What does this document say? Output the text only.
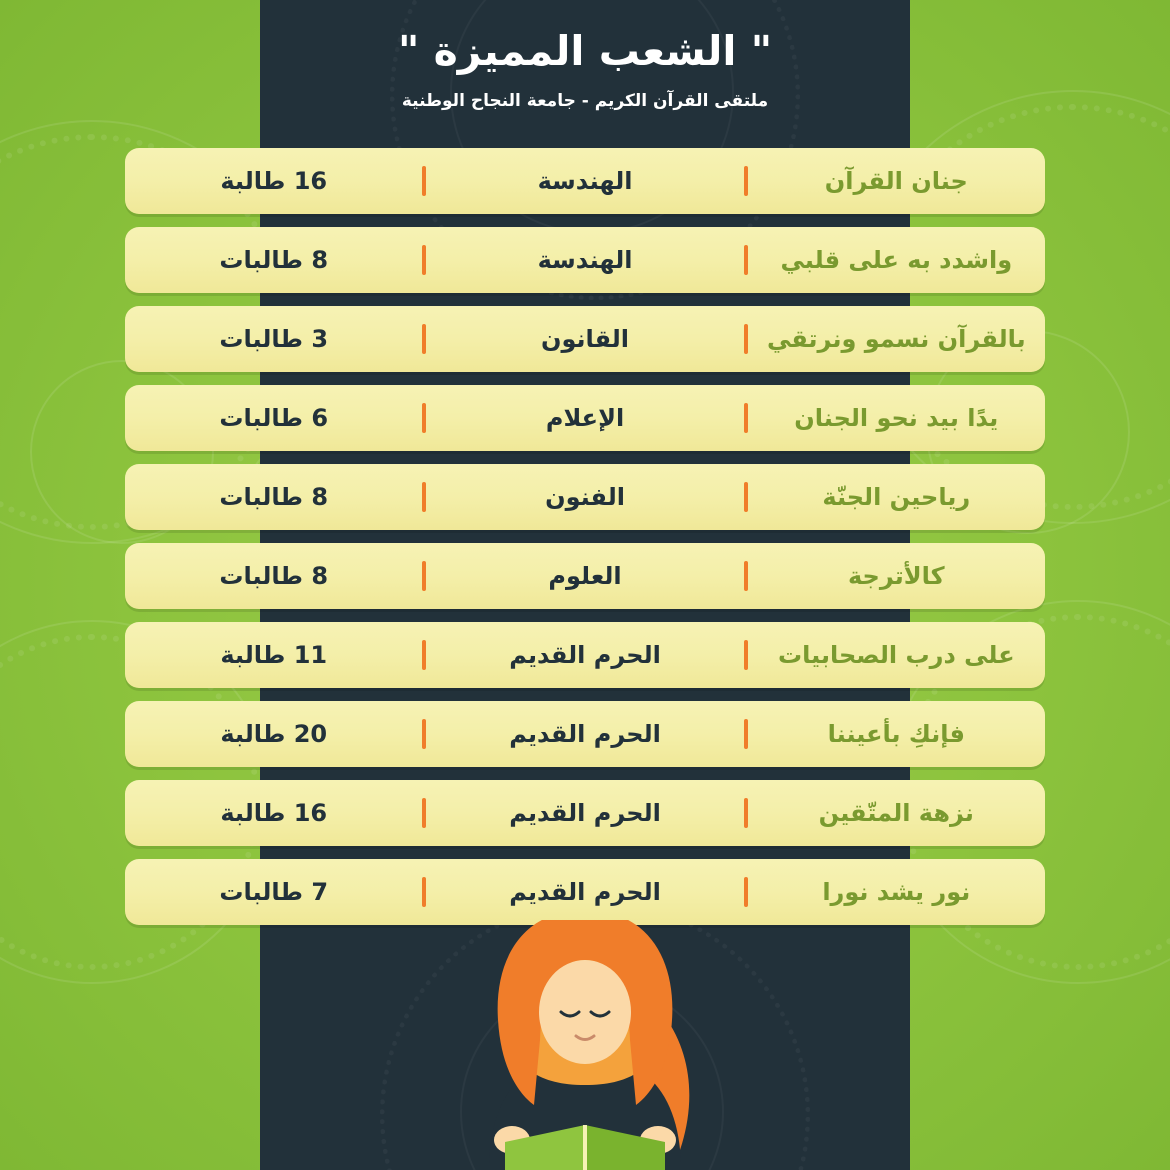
" الشعب المميزة "
ملتقى القرآن الكريم - جامعة النجاح الوطنية
جنان القرآن
الهندسة
16 طالبة
واشدد به على قلبي
الهندسة
8 طالبات
بالقرآن نسمو ونرتقي
القانون
3 طالبات
يدًا بيد نحو الجنان
الإعلام
6 طالبات
رياحين الجنّة
الفنون
8 طالبات
كالأترجة
العلوم
8 طالبات
على درب الصحابيات
الحرم القديم
11 طالبة
فإنكِ بأعيننا
الحرم القديم
20 طالبة
نزهة المتّقين
الحرم القديم
16 طالبة
نور يشد نورا
الحرم القديم
7 طالبات
